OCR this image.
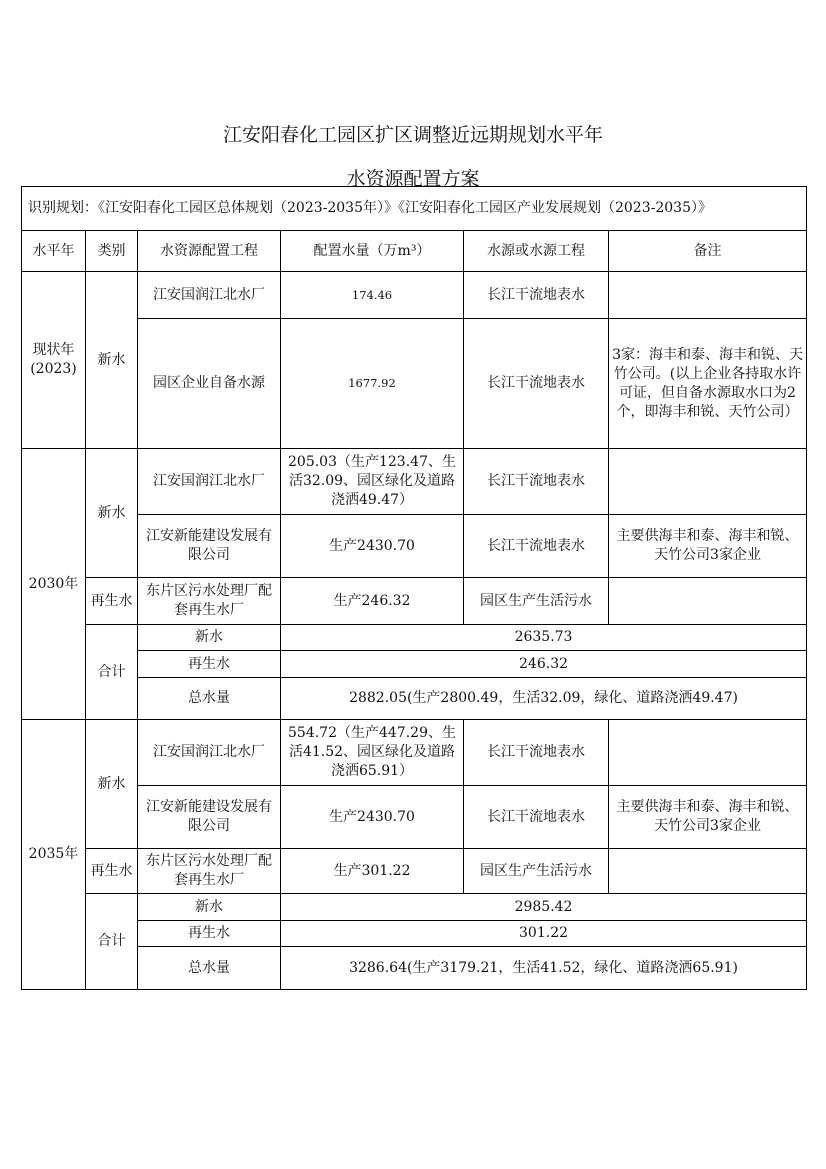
江安阳春化工园区扩区调整近远期规划水平年
水资源配置方案
识别规划：《江安阳春化工园区总体规划（2023-2035年）》《江安阳春化工园区产业发展规划（2023-2035）》					
水平年	类别	水资源配置工程	配置水量（万m³）	水源或水源工程	备注
现状年(2023)	新水	江安国润江北水厂	174.46	长江干流地表水	
		园区企业自备水源	1677.92	长江干流地表水	3家：海丰和泰、海丰和锐、天竹公司。(以上企业各持取水许可证，但自备水源取水口为2个，即海丰和锐、天竹公司）
2030年	新水	江安国润江北水厂	205.03（生产123.47、生活32.09、园区绿化及道路浇洒49.47）	长江干流地表水	
		江安新能建设发展有限公司	生产2430.70	长江干流地表水	主要供海丰和泰、海丰和锐、天竹公司3家企业
	再生水	东片区污水处理厂配套再生水厂	生产246.32	园区生产生活污水	
	合计	新水	2635.73		
		再生水	246.32		
		总水量	2882.05(生产2800.49，生活32.09，绿化、道路浇洒49.47)		
2035年	新水	江安国润江北水厂	554.72（生产447.29、生活41.52、园区绿化及道路浇洒65.91）	长江干流地表水	
		江安新能建设发展有限公司	生产2430.70	长江干流地表水	主要供海丰和泰、海丰和锐、天竹公司3家企业
	再生水	东片区污水处理厂配套再生水厂	生产301.22	园区生产生活污水	
	合计	新水	2985.42		
		再生水	301.22		
		总水量	3286.64(生产3179.21，生活41.52，绿化、道路浇洒65.91)		
